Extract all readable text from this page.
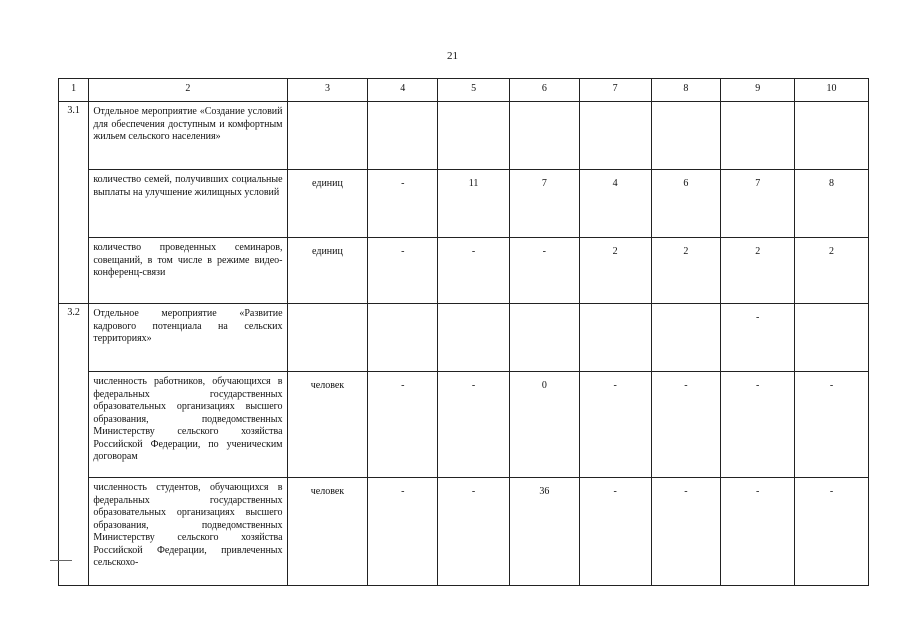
21
1	2	3	4	5	6	7	8	9	10
3.1	Отдельное мероприятие «Создание условий для обеспечения доступным и комфортным жильем сельского населения»								
	количество семей, получивших социальные выплаты на улучшение жилищных условий	единиц	-	11	7	4	6	7	8
	количество проведенных семинаров, совещаний, в том числе в режиме видео-конференц-связи	единиц	-	-	-	2	2	2	2
3.2	Отдельное мероприятие «Развитие кадрового потенциала на сельских территориях»							-	
	численность работников, обучающихся в федеральных государственных образовательных организациях высшего образования, подведомственных Министерству сельского хозяйства Российской Федерации, по ученическим договорам	человек	-	-	0	-	-	-	-
	численность студентов, обучающихся в федеральных государственных образовательных организациях высшего образования, подведомственных Министерству сельского хозяйства Российской Федерации, привлеченных сельскохо-	человек	-	-	36	-	-	-	-
